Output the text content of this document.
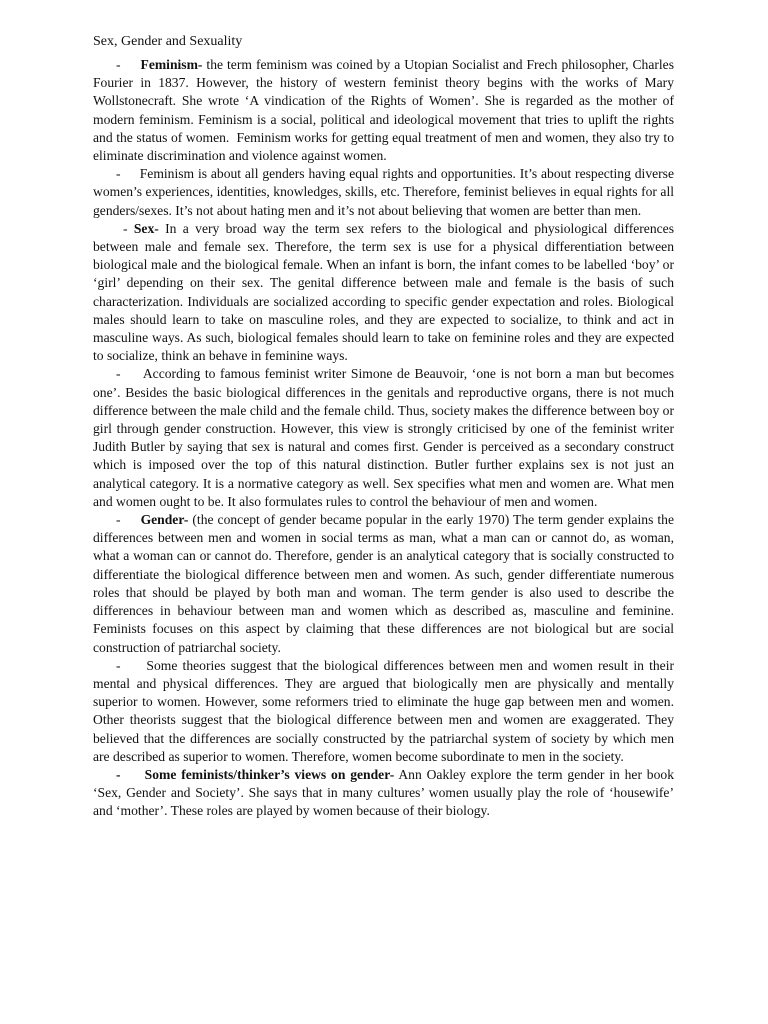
Sex, Gender and Sexuality

- Feminism- the term feminism was coined by a Utopian Socialist and Frech philosopher, Charles Fourier in 1837. However, the history of western feminist theory begins with the works of Mary Wollstonecraft. She wrote ‘A vindication of the Rights of Women’. She is regarded as the mother of modern feminism. Feminism is a social, political and ideological movement that tries to uplift the rights and the status of women.  Feminism works for getting equal treatment of men and women, they also try to eliminate discrimination and violence against women.

- Feminism is about all genders having equal rights and opportunities. It’s about respecting diverse women’s experiences, identities, knowledges, skills, etc. Therefore, feminist believes in equal rights for all genders/sexes. It’s not about hating men and it’s not about believing that women are better than men.

- Sex- In a very broad way the term sex refers to the biological and physiological differences between male and female sex. Therefore, the term sex is use for a physical differentiation between biological male and the biological female. When an infant is born, the infant comes to be labelled ‘boy’ or ‘girl’ depending on their sex. The genital difference between male and female is the basis of such characterization. Individuals are socialized according to specific gender expectation and roles. Biological males should learn to take on masculine roles, and they are expected to socialize, to think and act in masculine ways. As such, biological females should learn to take on feminine roles and they are expected to socialize, think an behave in feminine ways.

- According to famous feminist writer Simone de Beauvoir, ‘one is not born a man but becomes one’. Besides the basic biological differences in the genitals and reproductive organs, there is not much difference between the male child and the female child. Thus, society makes the difference between boy or girl through gender construction. However, this view is strongly criticised by one of the feminist writer Judith Butler by saying that sex is natural and comes first. Gender is perceived as a secondary construct which is imposed over the top of this natural distinction. Butler further explains sex is not just an analytical category. It is a normative category as well. Sex specifies what men and women are. What men and women ought to be. It also formulates rules to control the behaviour of men and women.

- Gender- (the concept of gender became popular in the early 1970) The term gender explains the differences between men and women in social terms as man, what a man can or cannot do, as woman, what a woman can or cannot do. Therefore, gender is an analytical category that is socially constructed to differentiate the biological difference between men and women. As such, gender differentiate numerous roles that should be played by both man and woman. The term gender is also used to describe the differences in behaviour between man and women which as described as, masculine and feminine. Feminists focuses on this aspect by claiming that these differences are not biological but are social construction of patriarchal society.

- Some theories suggest that the biological differences between men and women result in their mental and physical differences. They are argued that biologically men are physically and mentally superior to women. However, some reformers tried to eliminate the huge gap between men and women. Other theorists suggest that the biological difference between men and women are exaggerated. They believed that the differences are socially constructed by the patriarchal system of society by which men are described as superior to women. Therefore, women become subordinate to men in the society.

- Some feminists/thinker’s views on gender- Ann Oakley explore the term gender in her book ‘Sex, Gender and Society’. She says that in many cultures’ women usually play the role of ‘housewife’ and ‘mother’. These roles are played by women because of their biology.
